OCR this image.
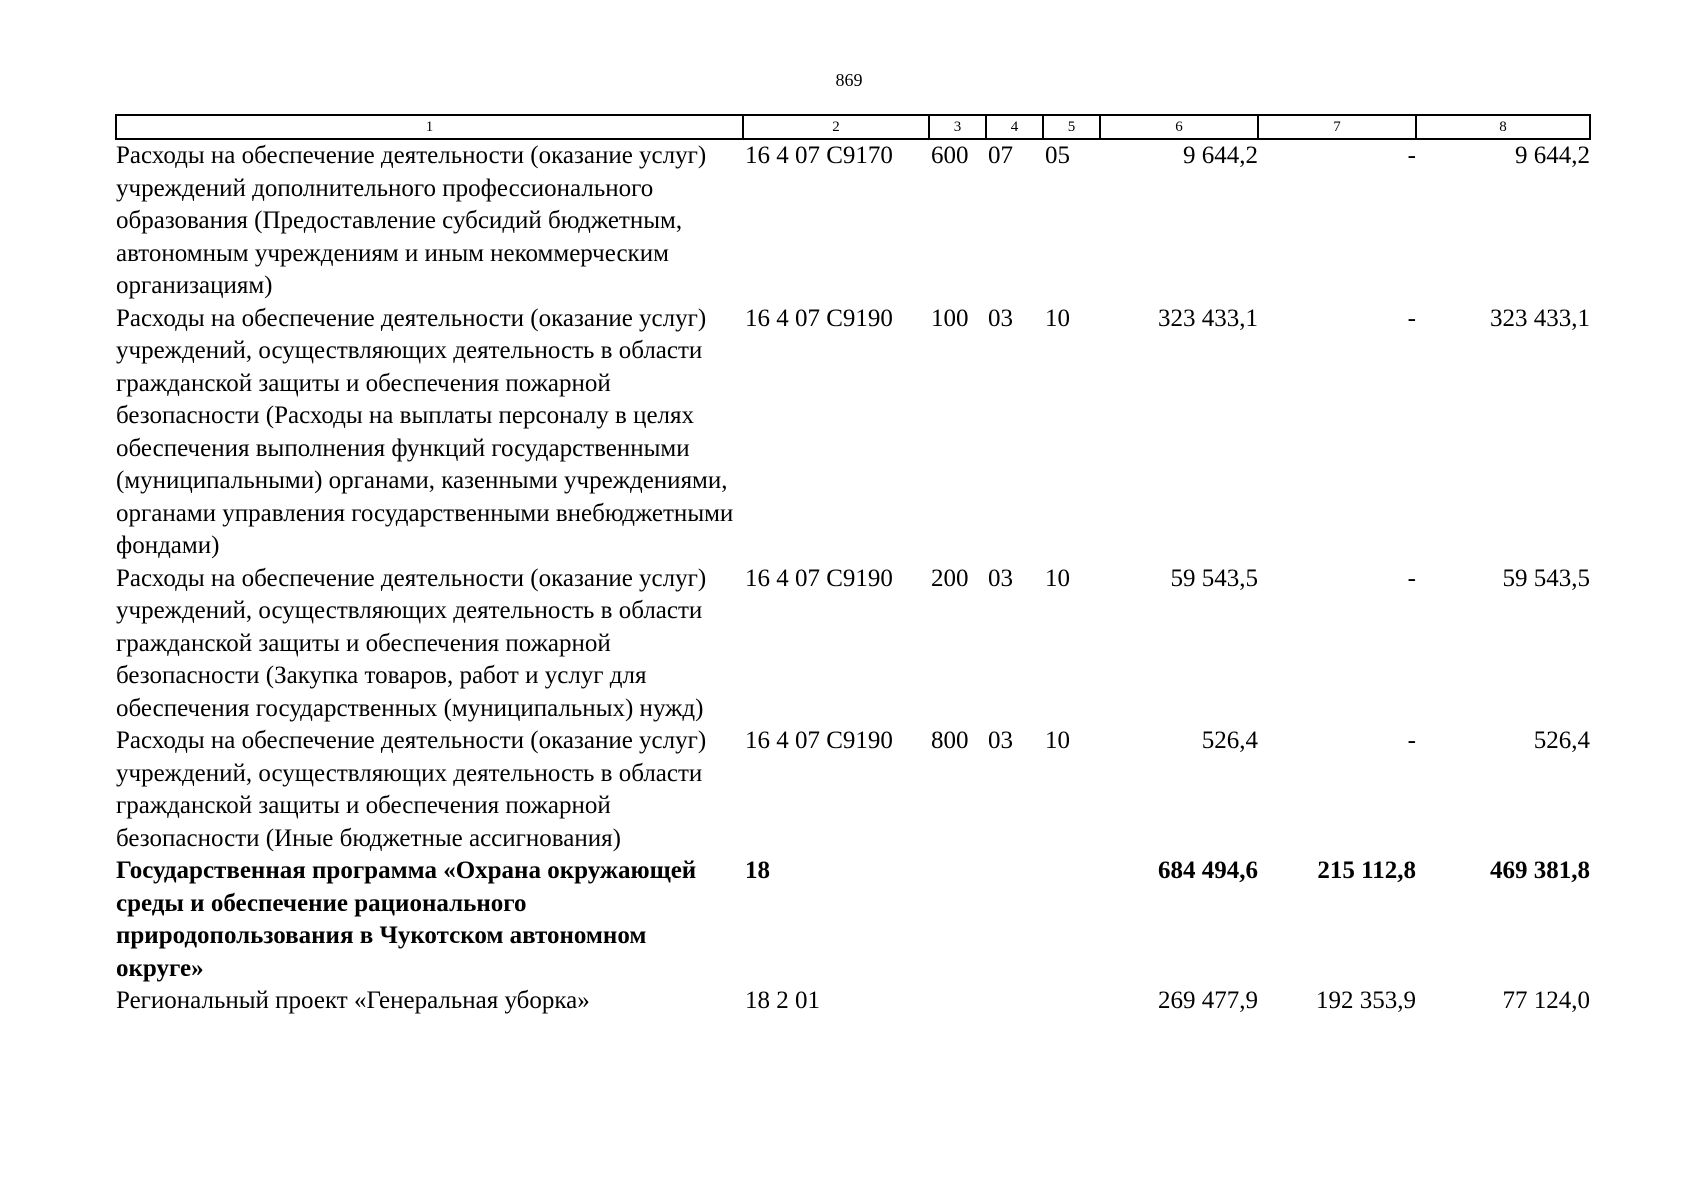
869
1	2	3	4	5	6	7	8
Расходы на обеспечение деятельности (оказание услуг) учреждений дополнительного профессионального образования (Предоставление субсидий бюджетным, автономным учреждениям и иным некоммерческим организациям)	16 4 07 С9170	600	07	05	9 644,2	-	9 644,2
Расходы на обеспечение деятельности (оказание услуг) учреждений, осуществляющих деятельность в области гражданской защиты и обеспечения пожарной безопасности (Расходы на выплаты персоналу в целях обеспечения выполнения функций государственными (муниципальными) органами, казенными учреждениями, органами управления государственными внебюджетными фондами)	16 4 07 С9190	100	03	10	323 433,1	-	323 433,1
Расходы на обеспечение деятельности (оказание услуг) учреждений, осуществляющих деятельность в области гражданской защиты и обеспечения пожарной безопасности (Закупка товаров, работ и услуг для обеспечения государственных (муниципальных) нужд)	16 4 07 С9190	200	03	10	59 543,5	-	59 543,5
Расходы на обеспечение деятельности (оказание услуг) учреждений, осуществляющих деятельность в области гражданской защиты и обеспечения пожарной безопасности (Иные бюджетные ассигнования)	16 4 07 С9190	800	03	10	526,4	-	526,4
Государственная программа «Охрана окружающей среды и обеспечение рационального природопользования в Чукотском автономном округе»	18				684 494,6	215 112,8	469 381,8
Региональный проект «Генеральная уборка»	18 2 01				269 477,9	192 353,9	77 124,0
